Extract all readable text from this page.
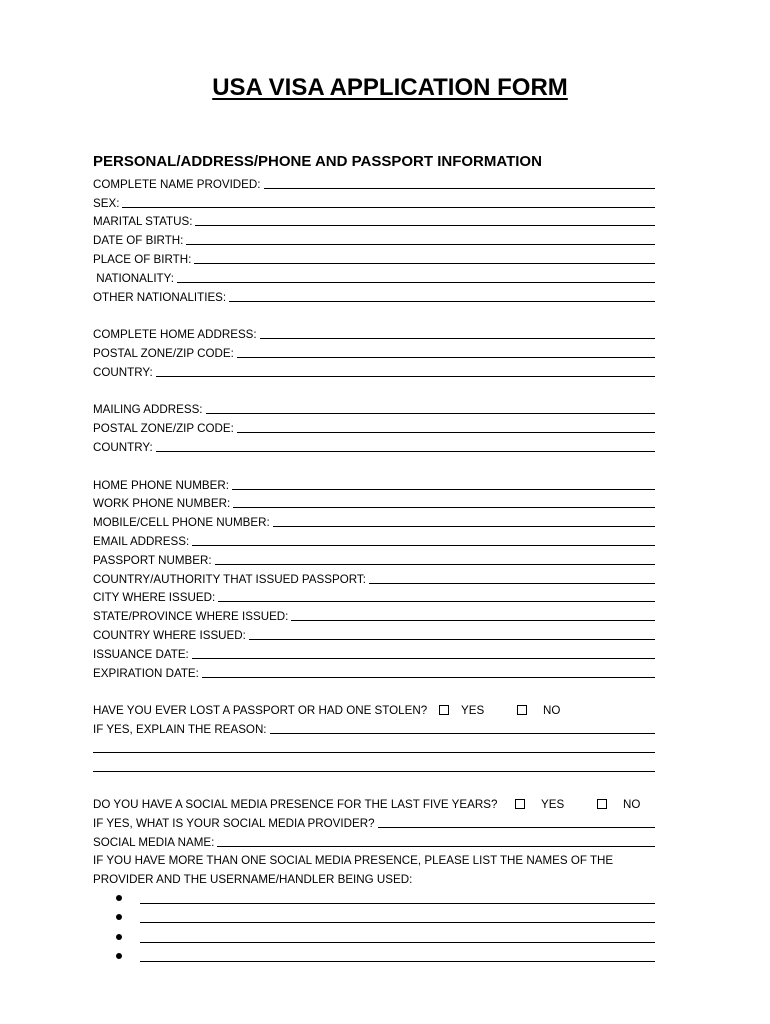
USA VISA APPLICATION FORM
PERSONAL/ADDRESS/PHONE AND PASSPORT INFORMATION
COMPLETE NAME PROVIDED:
SEX:
MARITAL STATUS:
DATE OF BIRTH:
PLACE OF BIRTH:
NATIONALITY:
OTHER NATIONALITIES:
COMPLETE HOME ADDRESS:
POSTAL ZONE/ZIP CODE:
COUNTRY:
MAILING ADDRESS:
POSTAL ZONE/ZIP CODE:
COUNTRY:
HOME PHONE NUMBER:
WORK PHONE NUMBER:
MOBILE/CELL PHONE NUMBER:
EMAIL ADDRESS:
PASSPORT NUMBER:
COUNTRY/AUTHORITY THAT ISSUED PASSPORT:
CITY WHERE ISSUED:
STATE/PROVINCE WHERE ISSUED:
COUNTRY WHERE ISSUED:
ISSUANCE DATE:
EXPIRATION DATE:
HAVE YOU EVER LOST A PASSPORT OR HAD ONE STOLEN?	YES	NO
IF YES, EXPLAIN THE REASON:
DO YOU HAVE A SOCIAL MEDIA PRESENCE FOR THE LAST FIVE YEARS?	YES	NO
IF YES, WHAT IS YOUR SOCIAL MEDIA PROVIDER?
SOCIAL MEDIA NAME:
IF YOU HAVE MORE THAN ONE SOCIAL MEDIA PRESENCE, PLEASE LIST THE NAMES OF THE
PROVIDER AND THE USERNAME/HANDLER BEING USED:
